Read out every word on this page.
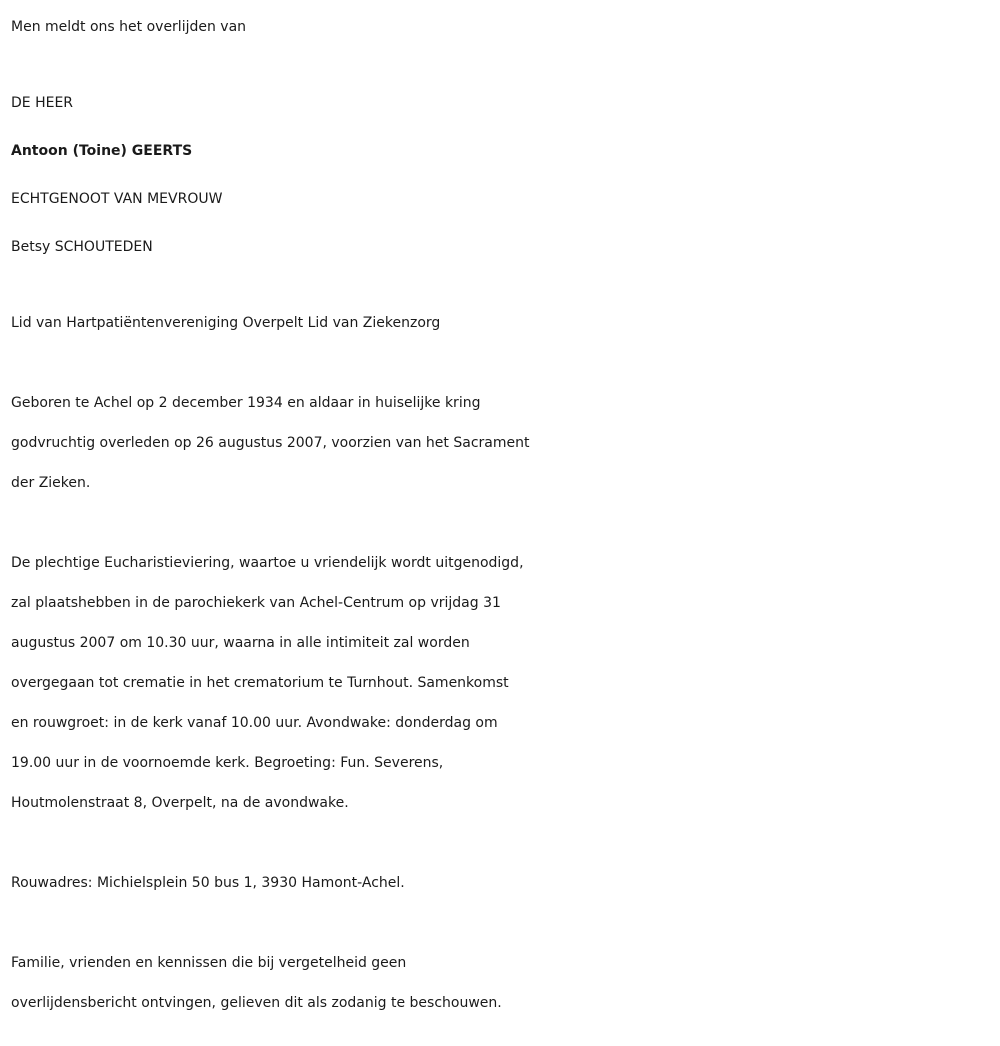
Men meldt ons het overlijden van

DE HEER

Antoon (Toine) GEERTS

ECHTGENOOT VAN MEVROUW

Betsy SCHOUTEDEN

Lid van Hartpatiëntenvereniging Overpelt Lid van Ziekenzorg

Geboren te Achel op 2 december 1934 en aldaar in huiselijke kring

godvruchtig overleden op 26 augustus 2007, voorzien van het Sacrament

der Zieken.

De plechtige Eucharistieviering, waartoe u vriendelijk wordt uitgenodigd,

zal plaatshebben in de parochiekerk van Achel-Centrum op vrijdag 31

augustus 2007 om 10.30 uur, waarna in alle intimiteit zal worden

overgegaan tot crematie in het crematorium te Turnhout. Samenkomst

en rouwgroet: in de kerk vanaf 10.00 uur. Avondwake: donderdag om

19.00 uur in de voornoemde kerk. Begroeting: Fun. Severens,

Houtmolenstraat 8, Overpelt, na de avondwake.

Rouwadres: Michielsplein 50 bus 1, 3930 Hamont-Achel.

Familie, vrienden en kennissen die bij vergetelheid geen

overlijdensbericht ontvingen, gelieven dit als zodanig te beschouwen.
